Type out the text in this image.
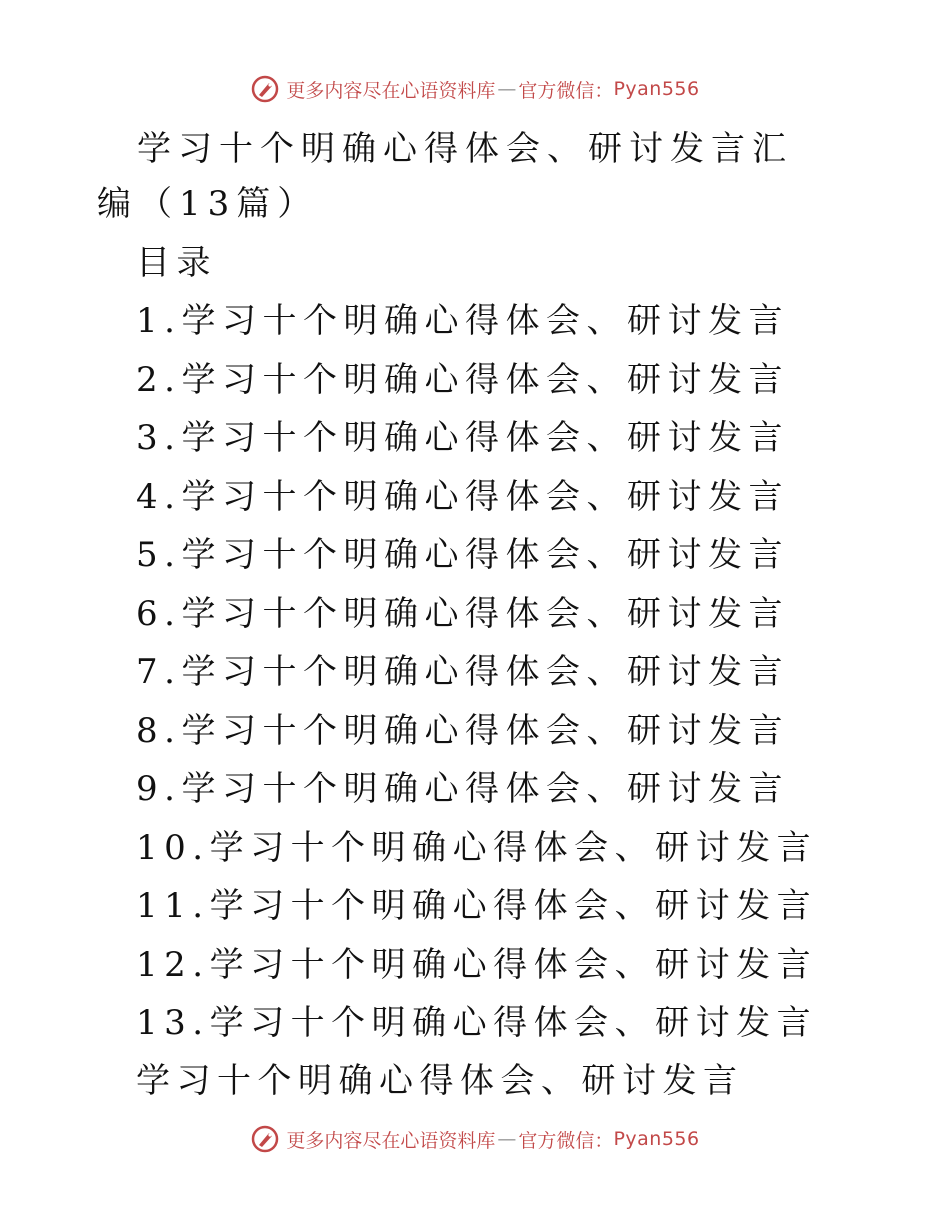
更多内容尽在心语资料库 — 官方微信： Pyan556
学习十个明确心得体会、研讨发言汇编（13篇）
目录
1.学习十个明确心得体会、研讨发言
2.学习十个明确心得体会、研讨发言
3.学习十个明确心得体会、研讨发言
4.学习十个明确心得体会、研讨发言
5.学习十个明确心得体会、研讨发言
6.学习十个明确心得体会、研讨发言
7.学习十个明确心得体会、研讨发言
8.学习十个明确心得体会、研讨发言
9.学习十个明确心得体会、研讨发言
10.学习十个明确心得体会、研讨发言
11.学习十个明确心得体会、研讨发言
12.学习十个明确心得体会、研讨发言
13.学习十个明确心得体会、研讨发言
学习十个明确心得体会、研讨发言
更多内容尽在心语资料库 — 官方微信： Pyan556
